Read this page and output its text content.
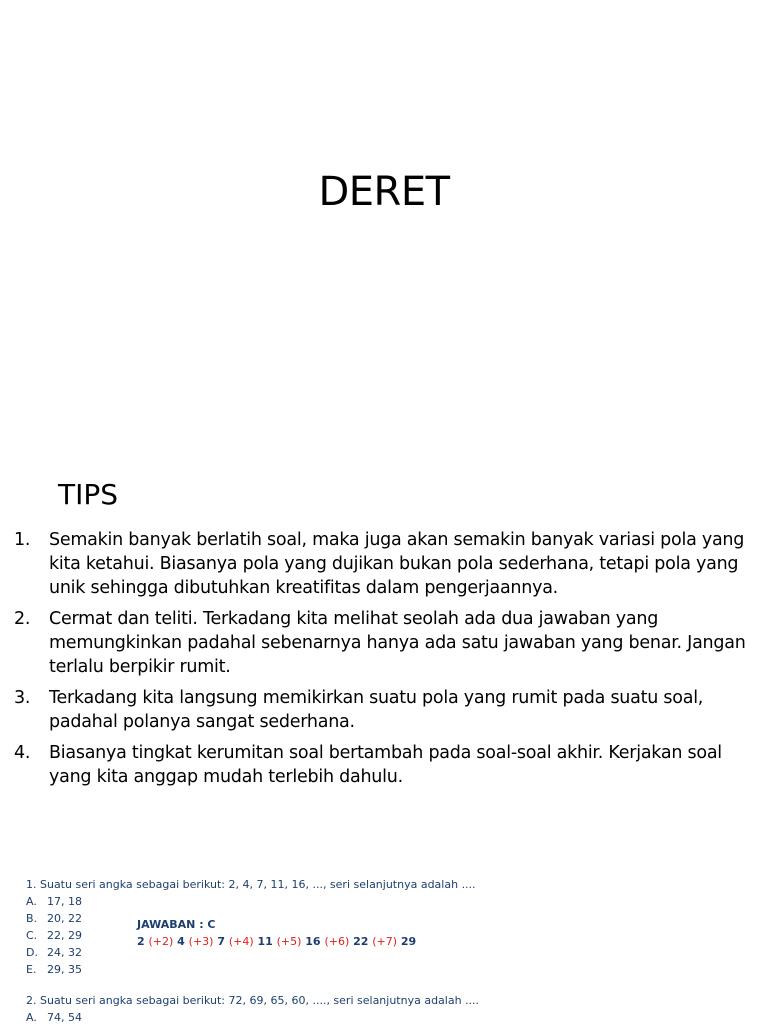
DERET
TIPS
1. Semakin banyak berlatih soal, maka juga akan semakin banyak variasi pola yang kita ketahui. Biasanya pola yang dujikan bukan pola sederhana, tetapi pola yang unik sehingga dibutuhkan kreatifitas dalam pengerjaannya.
2. Cermat dan teliti. Terkadang kita melihat seolah ada dua jawaban yang memungkinkan padahal sebenarnya hanya ada satu jawaban yang benar. Jangan terlalu berpikir rumit.
3. Terkadang kita langsung memikirkan suatu pola yang rumit pada suatu soal, padahal polanya sangat sederhana.
4. Biasanya tingkat kerumitan soal bertambah pada soal-soal akhir. Kerjakan soal yang kita anggap mudah terlebih dahulu.
1. Suatu seri angka sebagai berikut: 2, 4, 7, 11, 16, ..., seri selanjutnya adalah ....
A. 17, 18
B. 20, 22
C. 22, 29
D. 24, 32
E. 29, 35
JAWABAN : C
2 (+2) 4 (+3) 7 (+4) 11 (+5) 16 (+6) 22 (+7) 29
2. Suatu seri angka sebagai berikut: 72, 69, 65, 60, ...., seri selanjutnya adalah ....
A. 74, 54
